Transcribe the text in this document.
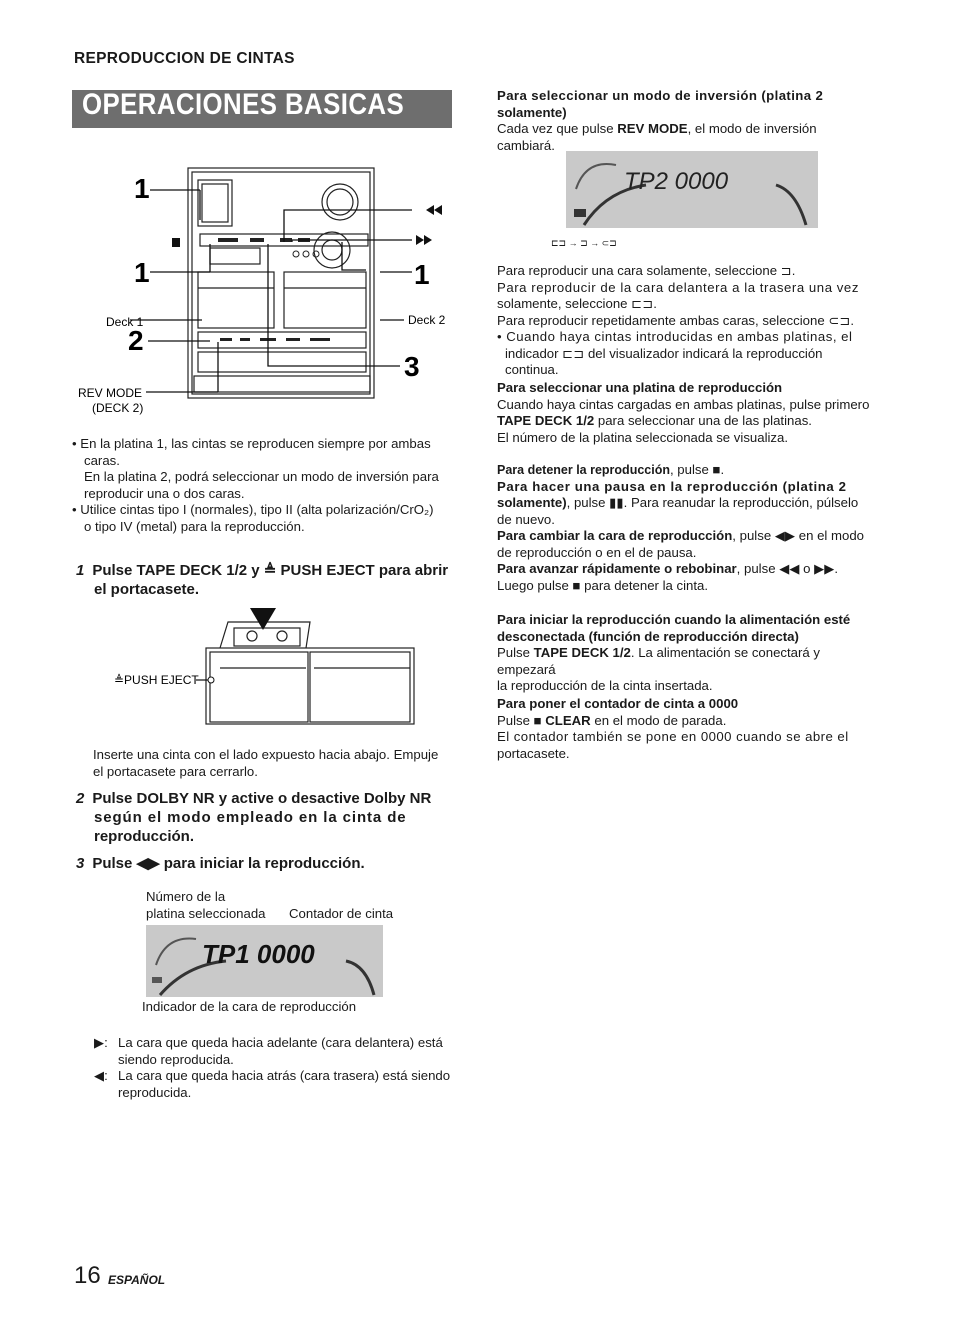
REPRODUCCION DE CINTAS
OPERACIONES BASICAS
1
1	1
2
3
Deck 1	Deck 2
REV MODE
(DECK 2)
• En la platina 1, las cintas se reproducen siempre por ambas
caras.
En la platina 2, podrá seleccionar un modo de inversión para
reproducir una o dos caras.
• Utilice cintas tipo I (normales), tipo II (alta polarización/CrO₂)
o tipo IV (metal) para la reproducción.
1 Pulse TAPE DECK 1/2 y ≜ PUSH EJECT para abrir
el portacasete.
≜PUSH EJECT
Inserte una cinta con el lado expuesto hacia abajo. Empuje
el portacasete para cerrarlo.
2 Pulse DOLBY NR y active o desactive Dolby NR
según el modo empleado en la cinta de
reproducción.
3 Pulse ◀▶ para iniciar la reproducción.
Número de la
platina seleccionada Contador de cinta
TP1 0000
Indicador de la cara de reproducción
▶: La cara que queda hacia adelante (cara delantera) está
siendo reproducida.
◀: La cara que queda hacia atrás (cara trasera) está siendo
reproducida.
Para seleccionar un modo de inversión (platina 2
solamente)
Cada vez que pulse REV MODE, el modo de inversión cambiará.
TP2 0000
⊏⊐ → ⊐ → ⊂⊐
Para reproducir una cara solamente, seleccione ⊐.
Para reproducir de la cara delantera a la trasera una vez
solamente, seleccione ⊏⊐.
Para reproducir repetidamente ambas caras, seleccione ⊂⊐.
• Cuando haya cintas introducidas en ambas platinas, el
indicador ⊏⊐ del visualizador indicará la reproducción continua.
Para seleccionar una platina de reproducción
Cuando haya cintas cargadas en ambas platinas, pulse primero
TAPE DECK 1/2 para seleccionar una de las platinas.
El número de la platina seleccionada se visualiza.
Para detener la reproducción, pulse ■.
Para hacer una pausa en la reproducción (platina 2
solamente), pulse ▮▮. Para reanudar la reproducción, púlselo
de nuevo.
Para cambiar la cara de reproducción, pulse ◀▶ en el modo
de reproducción o en el de pausa.
Para avanzar rápidamente o rebobinar, pulse ◀◀ o ▶▶.
Luego pulse ■ para detener la cinta.
Para iniciar la reproducción cuando la alimentación esté
desconectada (función de reproducción directa)
Pulse TAPE DECK 1/2. La alimentación se conectará y empezará
la reproducción de la cinta insertada.
Para poner el contador de cinta a 0000
Pulse ■ CLEAR en el modo de parada.
El contador también se pone en 0000 cuando se abre el
portacasete.
16 ESPAÑOL
